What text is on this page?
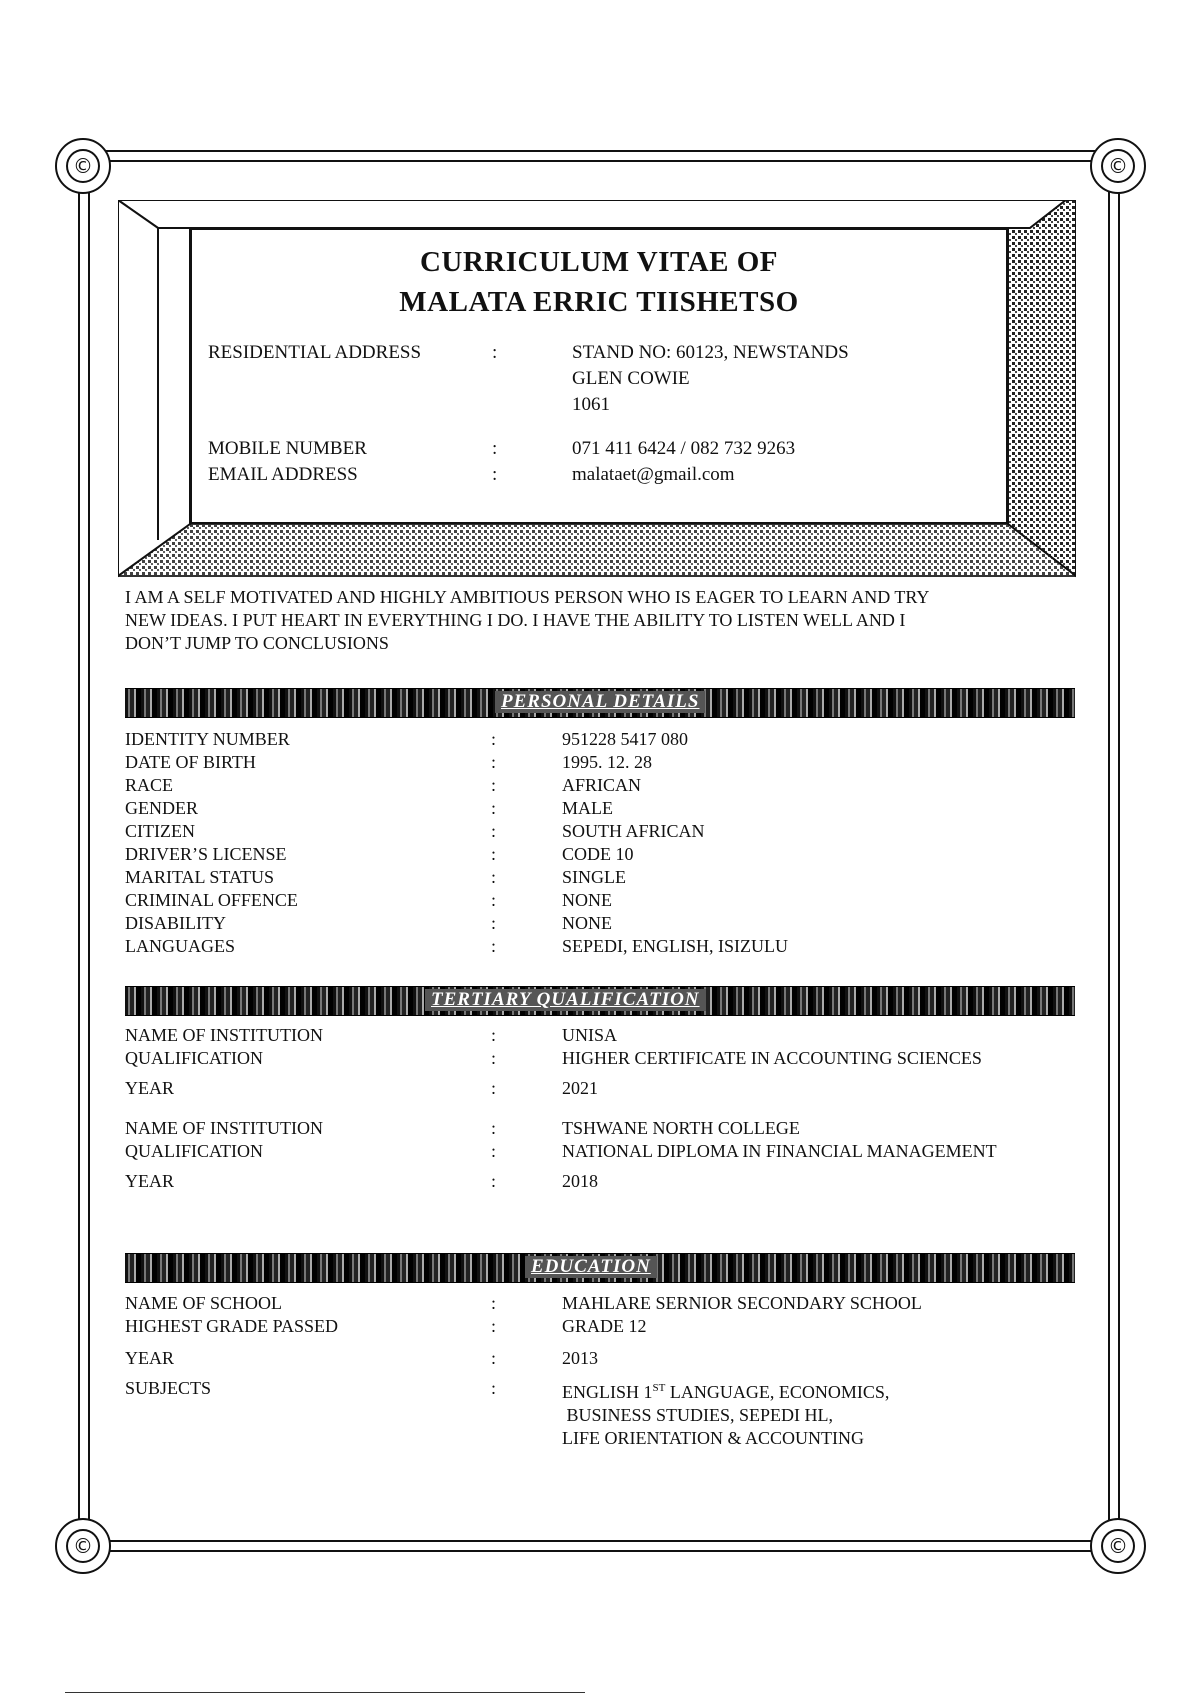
©	©
©	©
CURRICULUM VITAE OF
MALATA ERRIC TIISHETSO
RESIDENTIAL ADDRESS	:	STAND NO: 60123, NEWSTANDS
GLEN COWIE
1061
MOBILE NUMBER	:	071 411 6424 / 082 732 9263
EMAIL ADDRESS	:	malataet@gmail.com
I AM A SELF MOTIVATED AND HIGHLY AMBITIOUS PERSON WHO IS EAGER TO LEARN AND TRY
NEW IDEAS. I PUT HEART IN EVERYTHING I DO. I HAVE THE ABILITY TO LISTEN WELL AND I
DON’T JUMP TO CONCLUSIONS
PERSONAL DETAILS
IDENTITY NUMBER	:	951228 5417 080
DATE OF BIRTH	:	1995. 12. 28
RACE	:	AFRICAN
GENDER	:	MALE
CITIZEN	:	SOUTH AFRICAN
DRIVER’S LICENSE	:	CODE 10
MARITAL STATUS	:	SINGLE
CRIMINAL OFFENCE	:	NONE
DISABILITY	:	NONE
LANGUAGES	:	SEPEDI, ENGLISH, ISIZULU
TERTIARY QUALIFICATION
NAME OF INSTITUTION	:	UNISA
QUALIFICATION	:	HIGHER CERTIFICATE IN ACCOUNTING SCIENCES
YEAR	:	2021
NAME OF INSTITUTION	:	TSHWANE NORTH COLLEGE
QUALIFICATION	:	NATIONAL DIPLOMA IN FINANCIAL MANAGEMENT
YEAR	:	2018
EDUCATION
NAME OF SCHOOL	:	MAHLARE SERNIOR SECONDARY SCHOOL
HIGHEST GRADE PASSED	:	GRADE 12
YEAR	:	2013
SUBJECTS	:	ENGLISH 1ST LANGUAGE, ECONOMICS,
BUSINESS STUDIES, SEPEDI HL,
LIFE ORIENTATION & ACCOUNTING
